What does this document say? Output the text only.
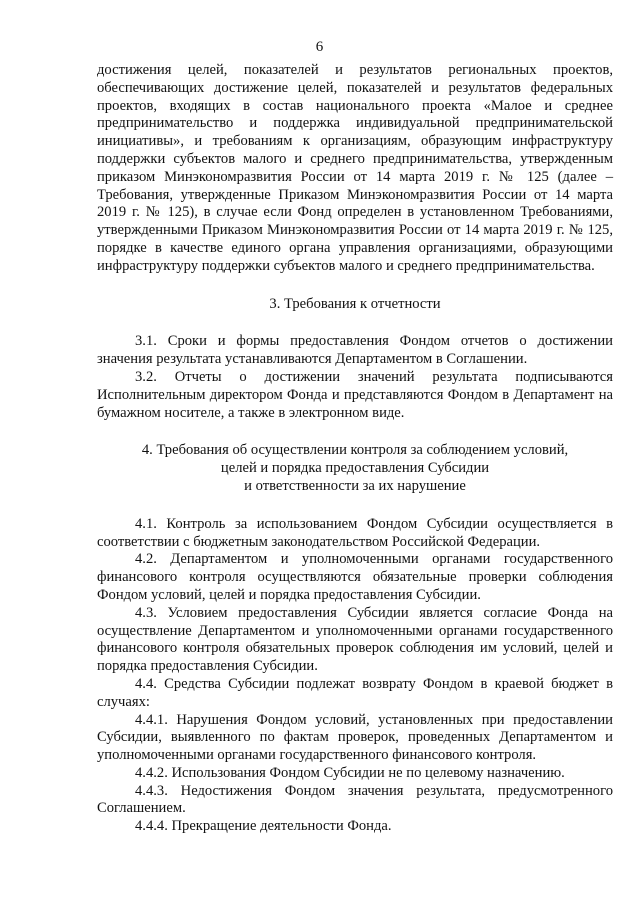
6

достижения целей, показателей и результатов региональных проектов, обеспечивающих достижение целей, показателей и результатов федеральных проектов, входящих в состав национального проекта «Малое и среднее предпринимательство и поддержка индивидуальной предпринимательской инициативы», и требованиям к организациям, образующим инфраструктуру поддержки субъектов малого и среднего предпринимательства, утвержденным приказом Минэкономразвития России от 14 марта 2019 г. № 125 (далее – Требования, утвержденные Приказом Минэкономразвития России от 14 марта 2019 г. № 125), в случае если Фонд определен в установленном Требованиями, утвержденными Приказом Минэкономразвития России от 14 марта 2019 г. № 125, порядке в качестве единого органа управления организациями, образующими инфраструктуру поддержки субъектов малого и среднего предпринимательства.

3. Требования к отчетности

3.1. Сроки и формы предоставления Фондом отчетов о достижении значения результата устанавливаются Департаментом в Соглашении.

3.2. Отчеты о достижении значений результата подписываются Исполнительным директором Фонда и представляются Фондом в Департамент на бумажном носителе, а также в электронном виде.

4. Требования об осуществлении контроля за соблюдением условий,

целей и порядка предоставления Субсидии

и ответственности за их нарушение

4.1. Контроль за использованием Фондом Субсидии осуществляется в соответствии с бюджетным законодательством Российской Федерации.

4.2. Департаментом и уполномоченными органами государственного финансового контроля осуществляются обязательные проверки соблюдения Фондом условий, целей и порядка предоставления Субсидии.

4.3. Условием предоставления Субсидии является согласие Фонда на осуществление Департаментом и уполномоченными органами государственного финансового контроля обязательных проверок соблюдения им условий, целей и порядка предоставления Субсидии.

4.4. Средства Субсидии подлежат возврату Фондом в краевой бюджет в случаях:

4.4.1. Нарушения Фондом условий, установленных при предоставлении Субсидии, выявленного по фактам проверок, проведенных Департаментом и уполномоченными органами государственного финансового контроля.

4.4.2. Использования Фондом Субсидии не по целевому назначению.

4.4.3. Недостижения Фондом значения результата, предусмотренного Соглашением.

4.4.4. Прекращение деятельности Фонда.
